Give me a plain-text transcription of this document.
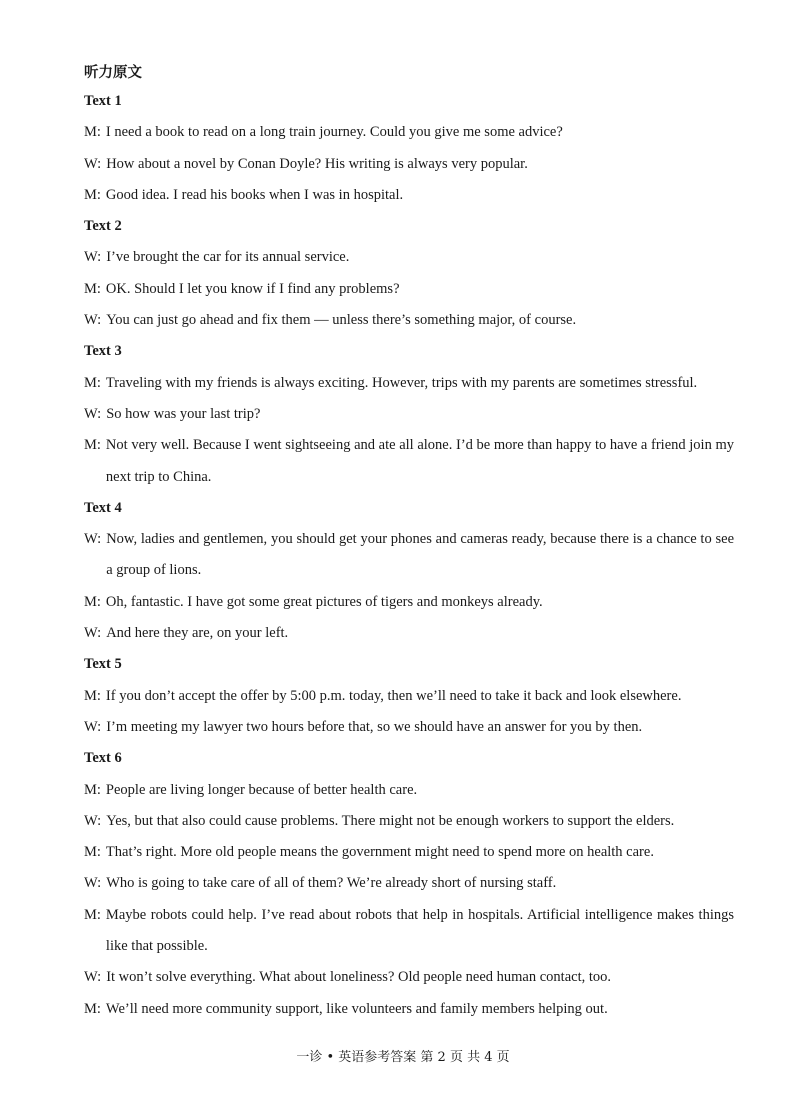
听力原文
Text 1
M: I need a book to read on a long train journey. Could you give me some advice?
W: How about a novel by Conan Doyle? His writing is always very popular.
M: Good idea. I read his books when I was in hospital.
Text 2
W: I’ve brought the car for its annual service.
M: OK. Should I let you know if I find any problems?
W: You can just go ahead and fix them — unless there’s something major, of course.
Text 3
M: Traveling with my friends is always exciting. However, trips with my parents are sometimes stressful.
W: So how was your last trip?
M: Not very well. Because I went sightseeing and ate all alone. I’d be more than happy to have a friend join my next trip to China.
Text 4
W: Now, ladies and gentlemen, you should get your phones and cameras ready, because there is a chance to see a group of lions.
M: Oh, fantastic. I have got some great pictures of tigers and monkeys already.
W: And here they are, on your left.
Text 5
M: If you don’t accept the offer by 5:00 p.m. today, then we’ll need to take it back and look elsewhere.
W: I’m meeting my lawyer two hours before that, so we should have an answer for you by then.
Text 6
M: People are living longer because of better health care.
W: Yes, but that also could cause problems. There might not be enough workers to support the elders.
M: That’s right. More old people means the government might need to spend more on health care.
W: Who is going to take care of all of them? We’re already short of nursing staff.
M: Maybe robots could help. I’ve read about robots that help in hospitals. Artificial intelligence makes things like that possible.
W: It won’t solve everything. What about loneliness? Old people need human contact, too.
M: We’ll need more community support, like volunteers and family members helping out.
一诊 • 英语参考答案 第 2 页 共 4 页
